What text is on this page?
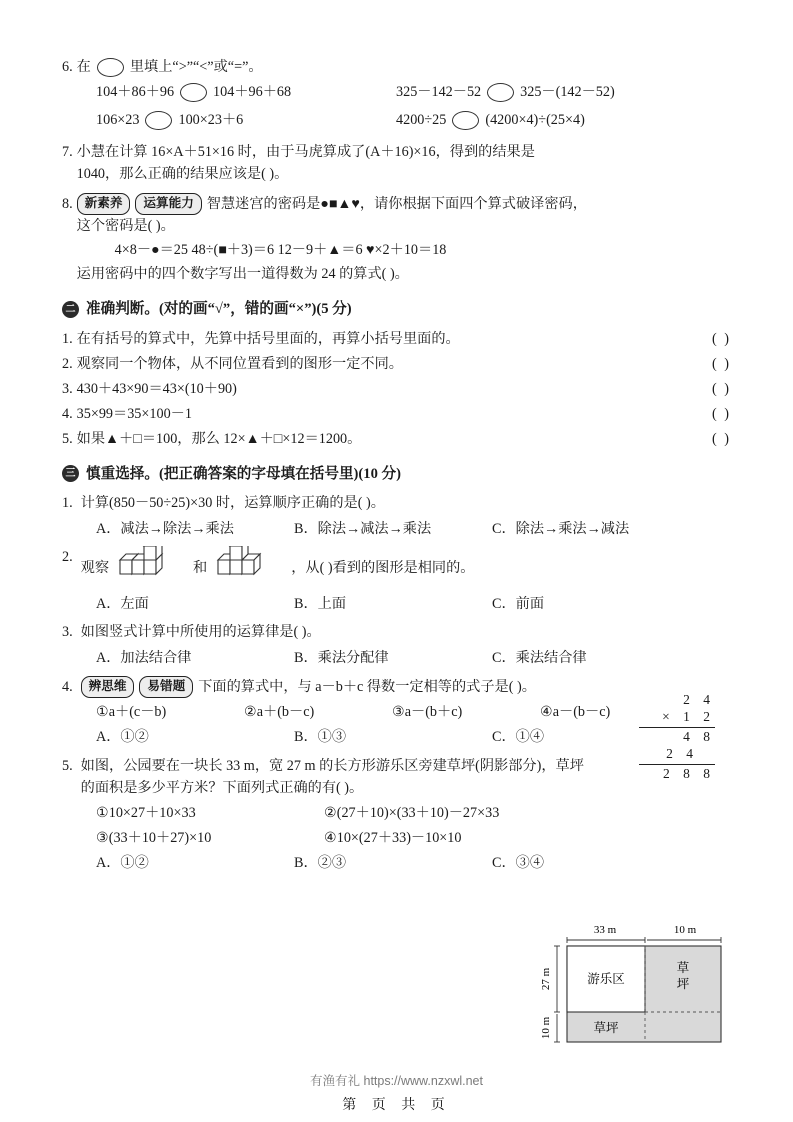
6. 在	里填上“>”“<”或“=”。
104＋86＋96	104＋96＋68	325－142－52	325－(142－52)
106×23	100×23＋6	4200÷25	(4200×4)÷(25×4)
7. 小慧在计算 16×A＋51×16 时，由于马虎算成了(A＋16)×16，得到的结果是
1040，那么正确的结果应该是( )。
8. 新素养	运算能力 智慧迷宫的密码是●■▲♥，请你根据下面四个算式破译密码，
这个密码是( )。
4×8－●＝25 48÷(■＋3)＝6 12－9＋▲＝6 ♥×2＋10＝18
运用密码中的四个数字写出一道得数为 24 的算式( )。
二 准确判断。(对的画“√”，错的画“×”)(5 分)
1. 在有括号的算式中，先算中括号里面的，再算小括号里面的。	( )
2. 观察同一个物体，从不同位置看到的图形一定不同。	( )
3. 430＋43×90＝43×(10＋90)	( )
4. 35×99＝35×100－1	( )
5. 如果▲＋□＝100，那么 12×▲＋□×12＝1200。	( )
三 慎重选择。(把正确答案的字母填在括号里)(10 分)
1. 计算(850－50÷25)×30 时，运算顺序正确的是( )。
A．减法→除法→乘法	B．除法→减法→乘法	C．除法→乘法→减法
2.
观察	和	，从( )看到的图形是相同的。
A．左面	B．上面	C．前面
2 4
× 1 2
4 8
2 4
2 8 8
3. 如图竖式计算中所使用的运算律是( )。
A．加法结合律	B．乘法分配律	C．乘法结合律
4.	辨思维	易错题 下面的算式中，与 a－b＋c 得数一定相等的式子是( )。
①a＋(c－b)	②a＋(b－c)	③a－(b＋c)	④a－(b－c)
A．①②	B．①③	C．①④
5. 如图，公园要在一块长 33 m，宽 27 m 的长方形游乐区旁建草坪(阴影部分)，草坪
的面积是多少平方米？下面列式正确的有( )。
①10×27＋10×33	②(27＋10)×(33＋10)－27×33
③(33＋10＋27)×10	④10×(27＋33)－10×10
A．①②	B．②③	C．③④
33 m	10 m
游乐区
草
坪
草坪
27 m
10 m
有渔有礼 https://www.nzxwl.net
第 页 共 页
